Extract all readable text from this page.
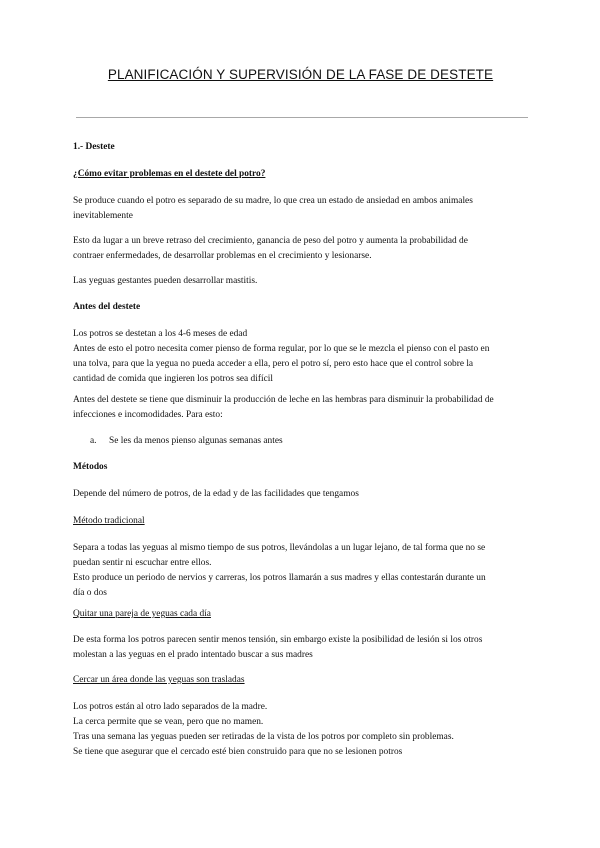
PLANIFICACIÓN Y SUPERVISIÓN DE LA FASE DE DESTETE
1.- Destete
¿Cómo evitar problemas en el destete del potro?
Se produce cuando el potro es separado de su madre, lo que crea un estado de ansiedad en ambos animales
inevitablemente
Esto da lugar a un breve retraso del crecimiento, ganancia de peso del potro y aumenta la probabilidad de
contraer enfermedades, de desarrollar problemas en el crecimiento y lesionarse.
Las yeguas gestantes pueden desarrollar mastitis.
Antes del destete
Los potros se destetan a los 4-6 meses de edad
Antes de esto el potro necesita comer pienso de forma regular, por lo que se le mezcla el pienso con el pasto en
una tolva, para que la yegua no pueda acceder a ella, pero el potro sí, pero esto hace que el control sobre la
cantidad de comida que ingieren los potros sea difícil
Antes del destete se tiene que disminuir la producción de leche en las hembras para disminuir la probabilidad de
infecciones e incomodidades. Para esto:
a. Se les da menos pienso algunas semanas antes
Métodos
Depende del número de potros, de la edad y de las facilidades que tengamos
Método tradicional
Separa a todas las yeguas al mismo tiempo de sus potros, llevándolas a un lugar lejano, de tal forma que no se
puedan sentir ni escuchar entre ellos.
Esto produce un periodo de nervios y carreras, los potros llamarán a sus madres y ellas contestarán durante un
día o dos
Quitar una pareja de yeguas cada día
De esta forma los potros parecen sentir menos tensión, sin embargo existe la posibilidad de lesión si los otros
molestan a las yeguas en el prado intentado buscar a sus madres
Cercar un área donde las yeguas son trasladas
Los potros están al otro lado separados de la madre.
La cerca permite que se vean, pero que no mamen.
Tras una semana las yeguas pueden ser retiradas de la vista de los potros por completo sin problemas.
Se tiene que asegurar que el cercado esté bien construido para que no se lesionen potros
